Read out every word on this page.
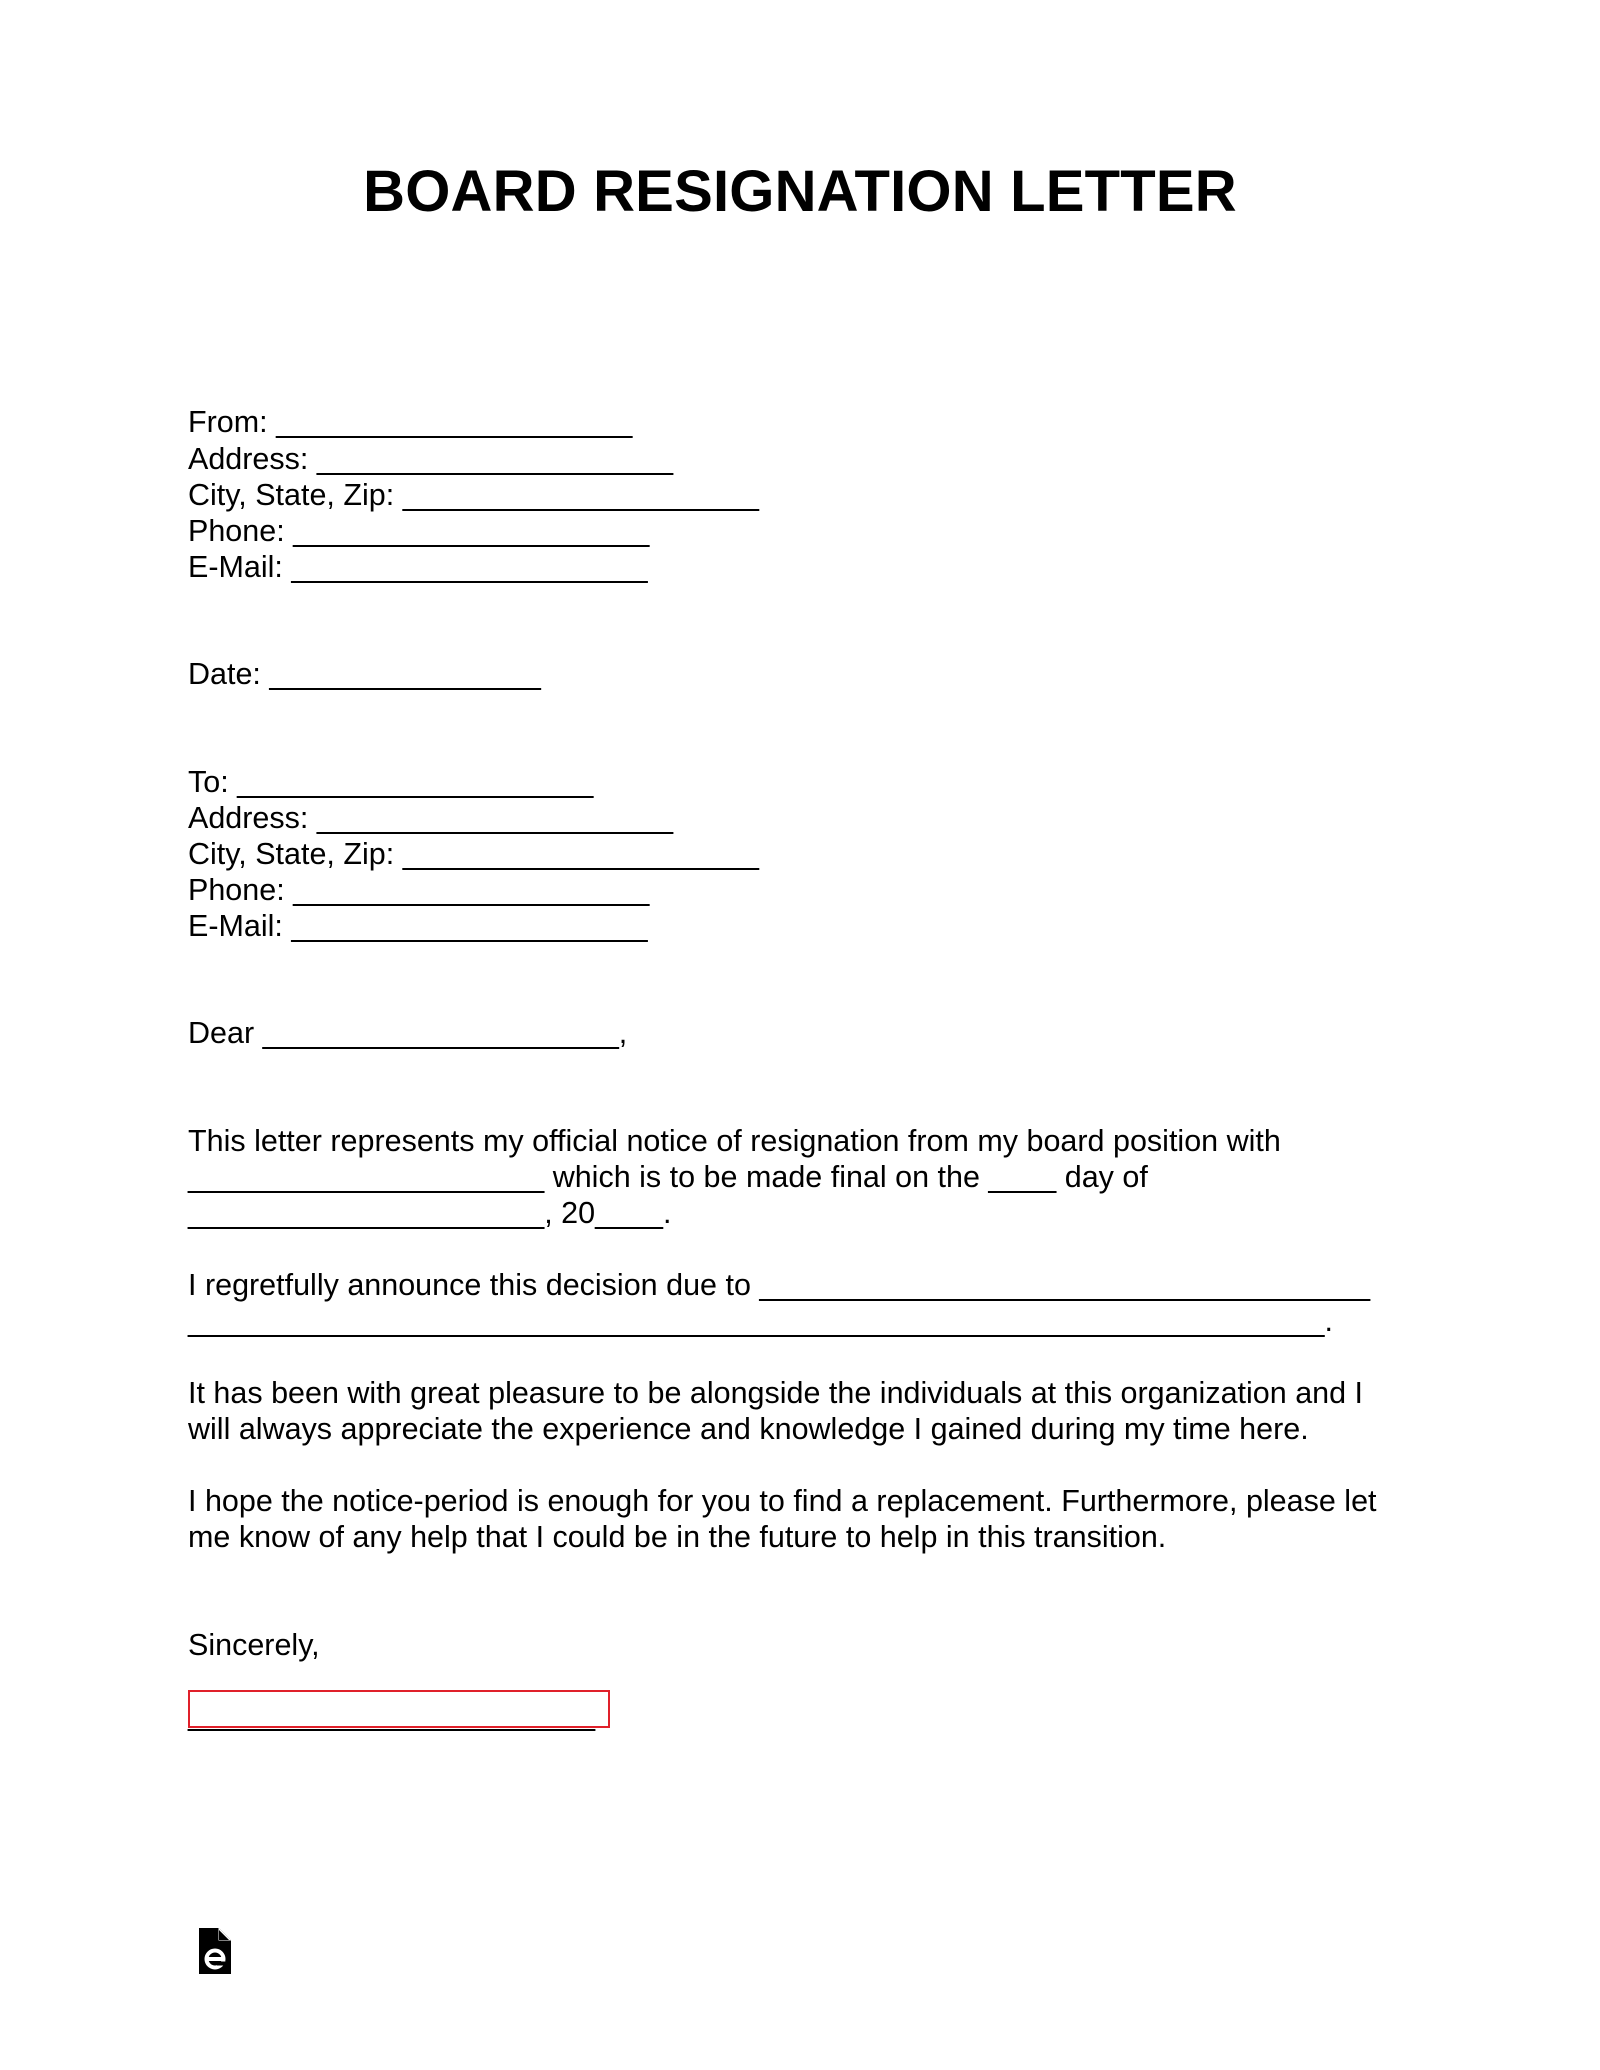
BOARD RESIGNATION LETTER
From: _____________________
Address: _____________________
City, State, Zip: _____________________
Phone: _____________________
E-Mail: _____________________
Date: ________________
To: _____________________
Address: _____________________
City, State, Zip: _____________________
Phone: _____________________
E-Mail: _____________________
Dear _____________________,
This letter represents my official notice of resignation from my board position with
_____________________ which is to be made final on the ____ day of
_____________________, 20____.
I regretfully announce this decision due to ____________________________________
___________________________________________________________________.
It has been with great pleasure to be alongside the individuals at this organization and I
will always appreciate the experience and knowledge I gained during my time here.
I hope the notice-period is enough for you to find a replacement. Furthermore, please let
me know of any help that I could be in the future to help in this transition.
Sincerely,
________________________
